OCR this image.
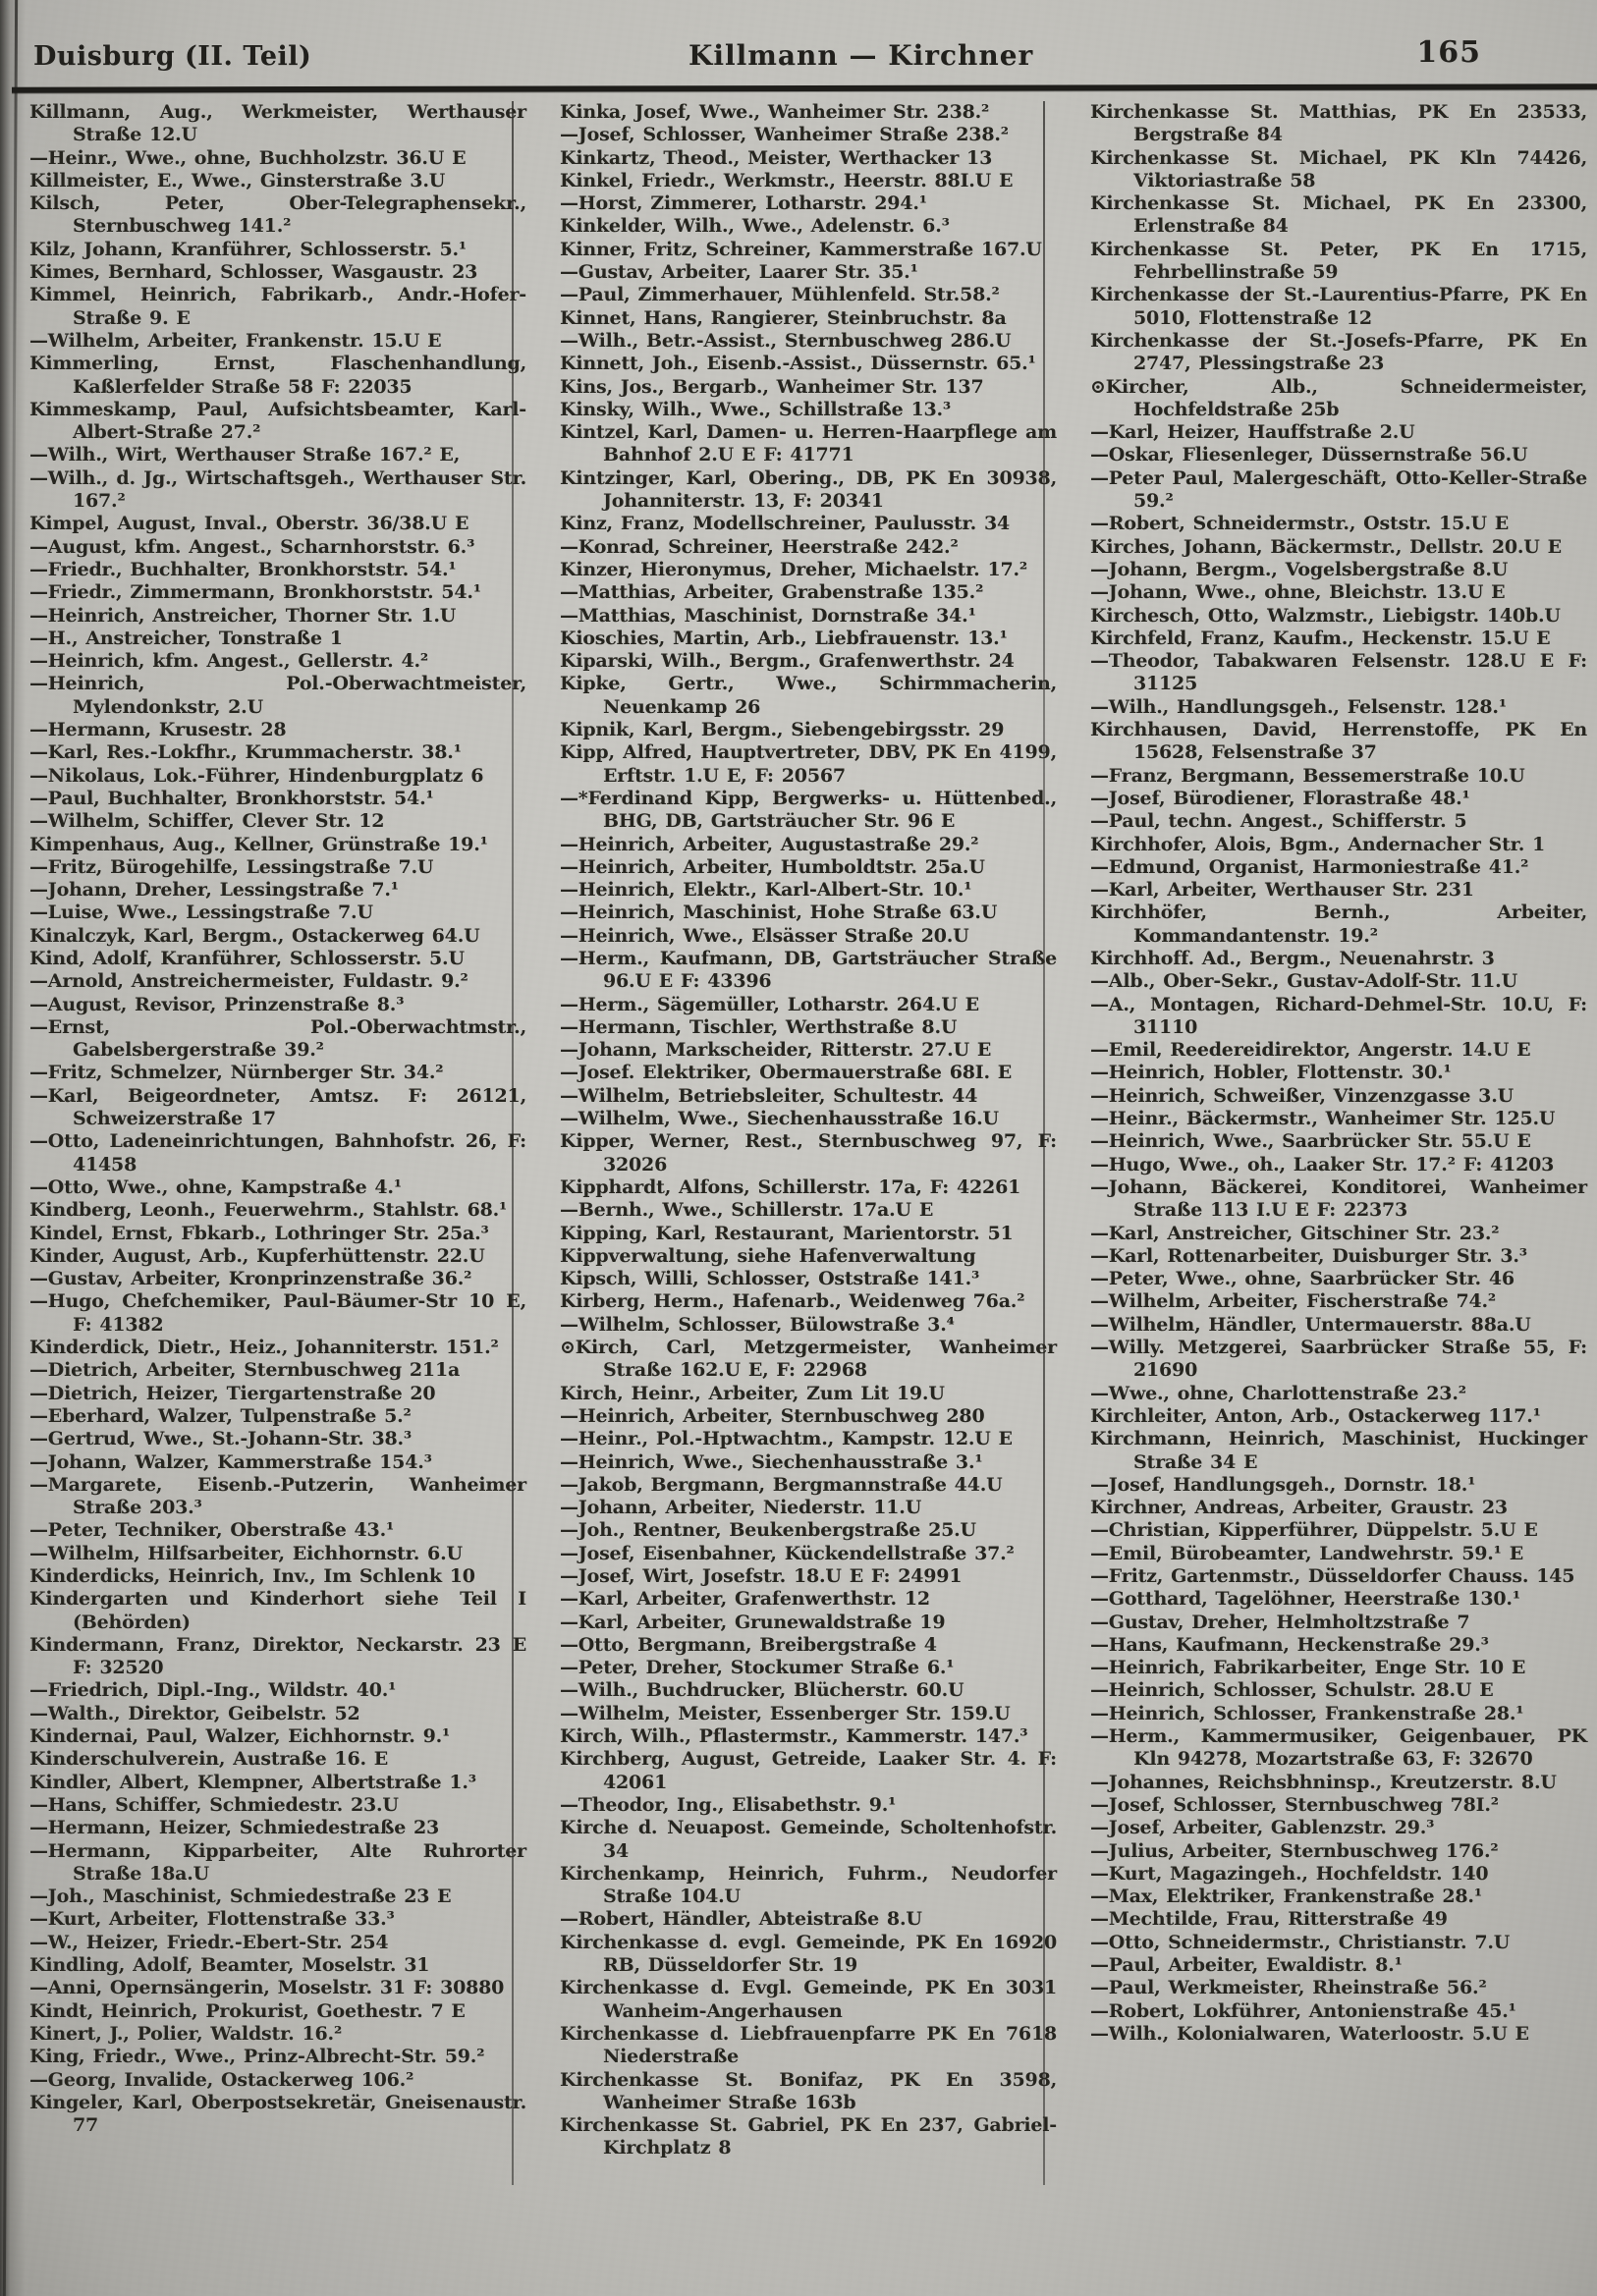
Duisburg (II. Teil)	Killmann — Kirchner	165

Killmann, Aug., Werkmeister, Werthauser Straße 12.U

—Heinr., Wwe., ohne, Buchholzstr. 36.U E

Killmeister, E., Wwe., Ginsterstraße 3.U

Kilsch, Peter, Ober-Telegraphensekr., Sternbuschweg 141.²

Kilz, Johann, Kranführer, Schlosserstr. 5.¹

Kimes, Bernhard, Schlosser, Wasgaustr. 23

Kimmel, Heinrich, Fabrikarb., Andr.-Hofer-Straße 9. E

—Wilhelm, Arbeiter, Frankenstr. 15.U E

Kimmerling, Ernst, Flaschenhandlung, Kaßlerfelder Straße 58 F: 22035

Kimmeskamp, Paul, Aufsichtsbeamter, Karl-Albert-Straße 27.²

—Wilh., Wirt, Werthauser Straße 167.² E,

—Wilh., d. Jg., Wirtschaftsgeh., Werthauser Str. 167.²

Kimpel, August, Inval., Oberstr. 36/38.U E

—August, kfm. Angest., Scharnhorststr. 6.³

—Friedr., Buchhalter, Bronkhorststr. 54.¹

—Friedr., Zimmermann, Bronkhorststr. 54.¹

—Heinrich, Anstreicher, Thorner Str. 1.U

—H., Anstreicher, Tonstraße 1

—Heinrich, kfm. Angest., Gellerstr. 4.²

—Heinrich, Pol.-Oberwachtmeister, Mylendonkstr, 2.U

—Hermann, Krusestr. 28

—Karl, Res.-Lokfhr., Krummacherstr. 38.¹

—Nikolaus, Lok.-Führer, Hindenburgplatz 6

—Paul, Buchhalter, Bronkhorststr. 54.¹

—Wilhelm, Schiffer, Clever Str. 12

Kimpenhaus, Aug., Kellner, Grünstraße 19.¹

—Fritz, Bürogehilfe, Lessingstraße 7.U

—Johann, Dreher, Lessingstraße 7.¹

—Luise, Wwe., Lessingstraße 7.U

Kinalczyk, Karl, Bergm., Ostackerweg 64.U

Kind, Adolf, Kranführer, Schlosserstr. 5.U

—Arnold, Anstreichermeister, Fuldastr. 9.²

—August, Revisor, Prinzenstraße 8.³

—Ernst, Pol.-Oberwachtmstr., Gabelsbergerstraße 39.²

—Fritz, Schmelzer, Nürnberger Str. 34.²

—Karl, Beigeordneter, Amtsz. F: 26121, Schweizerstraße 17

—Otto, Ladeneinrichtungen, Bahnhofstr. 26, F: 41458

—Otto, Wwe., ohne, Kampstraße 4.¹

Kindberg, Leonh., Feuerwehrm., Stahlstr. 68.¹

Kindel, Ernst, Fbkarb., Lothringer Str. 25a.³

Kinder, August, Arb., Kupferhüttenstr. 22.U

—Gustav, Arbeiter, Kronprinzenstraße 36.²

—Hugo, Chefchemiker, Paul-Bäumer-Str 10 E, F: 41382

Kinderdick, Dietr., Heiz., Johanniterstr. 151.²

—Dietrich, Arbeiter, Sternbuschweg 211a

—Dietrich, Heizer, Tiergartenstraße 20

—Eberhard, Walzer, Tulpenstraße 5.²

—Gertrud, Wwe., St.-Johann-Str. 38.³

—Johann, Walzer, Kammerstraße 154.³

—Margarete, Eisenb.-Putzerin, Wanheimer Straße 203.³

—Peter, Techniker, Oberstraße 43.¹

—Wilhelm, Hilfsarbeiter, Eichhornstr. 6.U

Kinderdicks, Heinrich, Inv., Im Schlenk 10

Kindergarten und Kinderhort siehe Teil I (Behörden)

Kindermann, Franz, Direktor, Neckarstr. 23 E F: 32520

—Friedrich, Dipl.-Ing., Wildstr. 40.¹

—Walth., Direktor, Geibelstr. 52

Kindernai, Paul, Walzer, Eichhornstr. 9.¹

Kinderschulverein, Austraße 16. E

Kindler, Albert, Klempner, Albertstraße 1.³

—Hans, Schiffer, Schmiedestr. 23.U

—Hermann, Heizer, Schmiedestraße 23

—Hermann, Kipparbeiter, Alte Ruhrorter Straße 18a.U

—Joh., Maschinist, Schmiedestraße 23 E

—Kurt, Arbeiter, Flottenstraße 33.³

—W., Heizer, Friedr.-Ebert-Str. 254

Kindling, Adolf, Beamter, Moselstr. 31

—Anni, Opernsängerin, Moselstr. 31 F: 30880

Kindt, Heinrich, Prokurist, Goethestr. 7 E

Kinert, J., Polier, Waldstr. 16.²

King, Friedr., Wwe., Prinz-Albrecht-Str. 59.²

—Georg, Invalide, Ostackerweg 106.²

Kingeler, Karl, Oberpostsekretär, Gneisenaustr. 77

Kinka, Josef, Wwe., Wanheimer Str. 238.²

—Josef, Schlosser, Wanheimer Straße 238.²

Kinkartz, Theod., Meister, Werthacker 13

Kinkel, Friedr., Werkmstr., Heerstr. 88I.U E

—Horst, Zimmerer, Lotharstr. 294.¹

Kinkelder, Wilh., Wwe., Adelenstr. 6.³

Kinner, Fritz, Schreiner, Kammerstraße 167.U

—Gustav, Arbeiter, Laarer Str. 35.¹

—Paul, Zimmerhauer, Mühlenfeld. Str.58.²

Kinnet, Hans, Rangierer, Steinbruchstr. 8a

—Wilh., Betr.-Assist., Sternbuschweg 286.U

Kinnett, Joh., Eisenb.-Assist., Düssernstr. 65.¹

Kins, Jos., Bergarb., Wanheimer Str. 137

Kinsky, Wilh., Wwe., Schillstraße 13.³

Kintzel, Karl, Damen- u. Herren-Haarpflege am Bahnhof 2.U E F: 41771

Kintzinger, Karl, Obering., DB, PK En 30938, Johanniterstr. 13, F: 20341

Kinz, Franz, Modellschreiner, Paulusstr. 34

—Konrad, Schreiner, Heerstraße 242.²

Kinzer, Hieronymus, Dreher, Michaelstr. 17.²

—Matthias, Arbeiter, Grabenstraße 135.²

—Matthias, Maschinist, Dornstraße 34.¹

Kioschies, Martin, Arb., Liebfrauenstr. 13.¹

Kiparski, Wilh., Bergm., Grafenwerthstr. 24

Kipke, Gertr., Wwe., Schirmmacherin, Neuenkamp 26

Kipnik, Karl, Bergm., Siebengebirgsstr. 29

Kipp, Alfred, Hauptvertreter, DBV, PK En 4199, Erftstr. 1.U E, F: 20567

—*Ferdinand Kipp, Bergwerks- u. Hüttenbed., BHG, DB, Gartsträucher Str. 96 E

—Heinrich, Arbeiter, Augustastraße 29.²

—Heinrich, Arbeiter, Humboldtstr. 25a.U

—Heinrich, Elektr., Karl-Albert-Str. 10.¹

—Heinrich, Maschinist, Hohe Straße 63.U

—Heinrich, Wwe., Elsässer Straße 20.U

—Herm., Kaufmann, DB, Gartsträucher Straße 96.U E F: 43396

—Herm., Sägemüller, Lotharstr. 264.U E

—Hermann, Tischler, Werthstraße 8.U

—Johann, Markscheider, Ritterstr. 27.U E

—Josef. Elektriker, Obermauerstraße 68I. E

—Wilhelm, Betriebsleiter, Schultestr. 44

—Wilhelm, Wwe., Siechenhausstraße 16.U

Kipper, Werner, Rest., Sternbuschweg 97, F: 32026

Kipphardt, Alfons, Schillerstr. 17a, F: 42261

—Bernh., Wwe., Schillerstr. 17a.U E

Kipping, Karl, Restaurant, Marientorstr. 51

Kippverwaltung, siehe Hafenverwaltung

Kipsch, Willi, Schlosser, Oststraße 141.³

Kirberg, Herm., Hafenarb., Weidenweg 76a.²

—Wilhelm, Schlosser, Bülowstraße 3.⁴

⊙Kirch, Carl, Metzgermeister, Wanheimer Straße 162.U E, F: 22968

Kirch, Heinr., Arbeiter, Zum Lit 19.U

—Heinrich, Arbeiter, Sternbuschweg 280

—Heinr., Pol.-Hptwachtm., Kampstr. 12.U E

—Heinrich, Wwe., Siechenhausstraße 3.¹

—Jakob, Bergmann, Bergmannstraße 44.U

—Johann, Arbeiter, Niederstr. 11.U

—Joh., Rentner, Beukenbergstraße 25.U

—Josef, Eisenbahner, Kückendellstraße 37.²

—Josef, Wirt, Josefstr. 18.U E F: 24991

—Karl, Arbeiter, Grafenwerthstr. 12

—Karl, Arbeiter, Grunewaldstraße 19

—Otto, Bergmann, Breibergstraße 4

—Peter, Dreher, Stockumer Straße 6.¹

—Wilh., Buchdrucker, Blücherstr. 60.U

—Wilhelm, Meister, Essenberger Str. 159.U

Kirch, Wilh., Pflastermstr., Kammerstr. 147.³

Kirchberg, August, Getreide, Laaker Str. 4. F: 42061

—Theodor, Ing., Elisabethstr. 9.¹

Kirche d. Neuapost. Gemeinde, Scholtenhofstr. 34

Kirchenkamp, Heinrich, Fuhrm., Neudorfer Straße 104.U

—Robert, Händler, Abteistraße 8.U

Kirchenkasse d. evgl. Gemeinde, PK En 16920 RB, Düsseldorfer Str. 19

Kirchenkasse d. Evgl. Gemeinde, PK En 3031 Wanheim-Angerhausen

Kirchenkasse d. Liebfrauenpfarre PK En 7618 Niederstraße

Kirchenkasse St. Bonifaz, PK En 3598, Wanheimer Straße 163b

Kirchenkasse St. Gabriel, PK En 237, Gabriel-Kirchplatz 8

Kirchenkasse St. Matthias, PK En 23533, Bergstraße 84

Kirchenkasse St. Michael, PK Kln 74426, Viktoriastraße 58

Kirchenkasse St. Michael, PK En 23300, Erlenstraße 84

Kirchenkasse St. Peter, PK En 1715, Fehrbellinstraße 59

Kirchenkasse der St.-Laurentius-Pfarre, PK En 5010, Flottenstraße 12

Kirchenkasse der St.-Josefs-Pfarre, PK En 2747, Plessingstraße 23

⊙Kircher, Alb., Schneidermeister, Hochfeldstraße 25b

—Karl, Heizer, Hauffstraße 2.U

—Oskar, Fliesenleger, Düssernstraße 56.U

—Peter Paul, Malergeschäft, Otto-Keller-Straße 59.²

—Robert, Schneidermstr., Oststr. 15.U E

Kirches, Johann, Bäckermstr., Dellstr. 20.U E

—Johann, Bergm., Vogelsbergstraße 8.U

—Johann, Wwe., ohne, Bleichstr. 13.U E

Kirchesch, Otto, Walzmstr., Liebigstr. 140b.U

Kirchfeld, Franz, Kaufm., Heckenstr. 15.U E

—Theodor, Tabakwaren Felsenstr. 128.U E F: 31125

—Wilh., Handlungsgeh., Felsenstr. 128.¹

Kirchhausen, David, Herrenstoffe, PK En 15628, Felsenstraße 37

—Franz, Bergmann, Bessemerstraße 10.U

—Josef, Bürodiener, Florastraße 48.¹

—Paul, techn. Angest., Schifferstr. 5

Kirchhofer, Alois, Bgm., Andernacher Str. 1

—Edmund, Organist, Harmoniestraße 41.²

—Karl, Arbeiter, Werthauser Str. 231

Kirchhöfer, Bernh., Arbeiter, Kommandantenstr. 19.²

Kirchhoff. Ad., Bergm., Neuenahrstr. 3

—Alb., Ober-Sekr., Gustav-Adolf-Str. 11.U

—A., Montagen, Richard-Dehmel-Str. 10.U, F: 31110

—Emil, Reedereidirektor, Angerstr. 14.U E

—Heinrich, Hobler, Flottenstr. 30.¹

—Heinrich, Schweißer, Vinzenzgasse 3.U

—Heinr., Bäckermstr., Wanheimer Str. 125.U

—Heinrich, Wwe., Saarbrücker Str. 55.U E

—Hugo, Wwe., oh., Laaker Str. 17.² F: 41203

—Johann, Bäckerei, Konditorei, Wanheimer Straße 113 I.U E F: 22373

—Karl, Anstreicher, Gitschiner Str. 23.²

—Karl, Rottenarbeiter, Duisburger Str. 3.³

—Peter, Wwe., ohne, Saarbrücker Str. 46

—Wilhelm, Arbeiter, Fischerstraße 74.²

—Wilhelm, Händler, Untermauerstr. 88a.U

—Willy. Metzgerei, Saarbrücker Straße 55, F: 21690

—Wwe., ohne, Charlottenstraße 23.²

Kirchleiter, Anton, Arb., Ostackerweg 117.¹

Kirchmann, Heinrich, Maschinist, Huckinger Straße 34 E

—Josef, Handlungsgeh., Dornstr. 18.¹

Kirchner, Andreas, Arbeiter, Graustr. 23

—Christian, Kipperführer, Düppelstr. 5.U E

—Emil, Bürobeamter, Landwehrstr. 59.¹ E

—Fritz, Gartenmstr., Düsseldorfer Chauss. 145

—Gotthard, Tagelöhner, Heerstraße 130.¹

—Gustav, Dreher, Helmholtzstraße 7

—Hans, Kaufmann, Heckenstraße 29.³

—Heinrich, Fabrikarbeiter, Enge Str. 10 E

—Heinrich, Schlosser, Schulstr. 28.U E

—Heinrich, Schlosser, Frankenstraße 28.¹

—Herm., Kammermusiker, Geigenbauer, PK Kln 94278, Mozartstraße 63, F: 32670

—Johannes, Reichsbhninsp., Kreutzerstr. 8.U

—Josef, Schlosser, Sternbuschweg 78I.²

—Josef, Arbeiter, Gablenzstr. 29.³

—Julius, Arbeiter, Sternbuschweg 176.²

—Kurt, Magazingeh., Hochfeldstr. 140

—Max, Elektriker, Frankenstraße 28.¹

—Mechtilde, Frau, Ritterstraße 49

—Otto, Schneidermstr., Christianstr. 7.U

—Paul, Arbeiter, Ewaldistr. 8.¹

—Paul, Werkmeister, Rheinstraße 56.²

—Robert, Lokführer, Antonienstraße 45.¹

—Wilh., Kolonialwaren, Waterloostr. 5.U E
